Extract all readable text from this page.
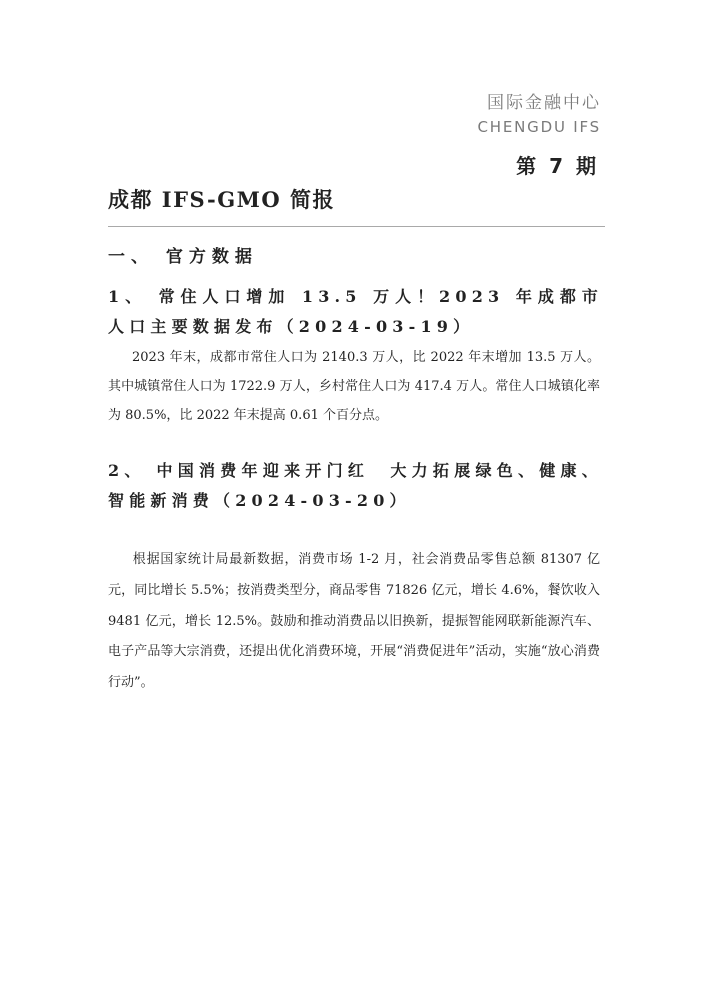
国际金融中心
CHENGDU IFS
第 7 期
成都 IFS-GMO 简报
一、 官方数据
1、 常住人口增加 13.5 万人！2023 年成都市人口主要数据发布（2024-03-19）
2023 年末，成都市常住人口为 2140.3 万人，比 2022 年末增加 13.5 万人。其中城镇常住人口为 1722.9 万人，乡村常住人口为 417.4 万人。常住人口城镇化率为 80.5%，比 2022 年末提高 0.61 个百分点。
2、 中国消费年迎来开门红　大力拓展绿色、健康、智能新消费（2024-03-20）
根据国家统计局最新数据，消费市场 1-2 月，社会消费品零售总额 81307 亿元，同比增长 5.5%；按消费类型分，商品零售 71826 亿元，增长 4.6%，餐饮收入 9481 亿元，增长 12.5%。鼓励和推动消费品以旧换新，提振智能网联新能源汽车、电子产品等大宗消费，还提出优化消费环境，开展“消费促进年”活动，实施“放心消费行动”。
